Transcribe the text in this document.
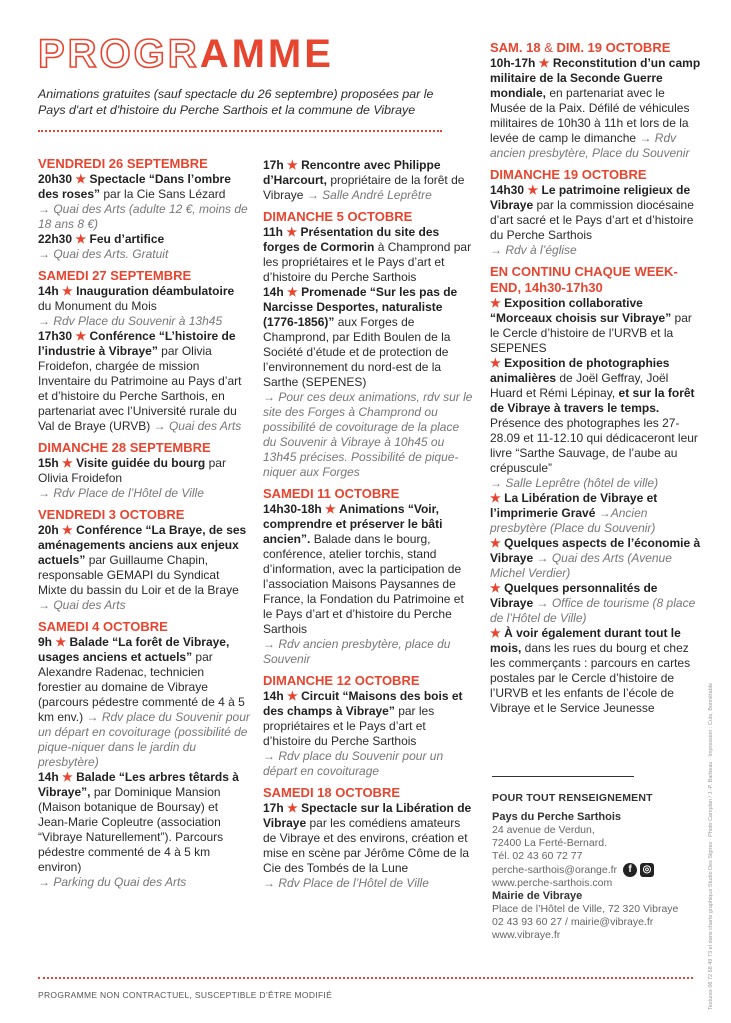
PROGRAMME
Animations gratuites (sauf spectacle du 26 septembre) proposées par le Pays d'art et d'histoire du Perche Sarthois et la commune de Vibraye
VENDREDI 26 SEPTEMBRE
20h30 ★ Spectacle “Dans l’ombre des roses” par la Cie Sans Lézard
→ Quai des Arts (adulte 12 €, moins de 18 ans 8 €)
22h30 ★ Feu d’artifice
→ Quai des Arts. Gratuit
SAMEDI 27 SEPTEMBRE
14h ★ Inauguration déambulatoire du Monument du Mois
→ Rdv Place du Souvenir à 13h45
17h30 ★ Conférence “L’histoire de l’industrie à Vibraye” par Olivia Froidefon, chargée de mission Inventaire du Patrimoine au Pays d’art et d’histoire du Perche Sarthois, en partenariat avec l’Université rurale du Val de Braye (URVB) → Quai des Arts
DIMANCHE 28 SEPTEMBRE
15h ★ Visite guidée du bourg par Olivia Froidefon
→ Rdv Place de l’Hôtel de Ville
VENDREDI 3 OCTOBRE
20h ★ Conférence “La Braye, de ses aménagements anciens aux enjeux actuels” par Guillaume Chapin, responsable GEMAPI du Syndicat Mixte du bassin du Loir et de la Braye → Quai des Arts
SAMEDI 4 OCTOBRE
9h ★ Balade “La forêt de Vibraye, usages anciens et actuels” par Alexandre Radenac, technicien forestier au domaine de Vibraye (parcours pédestre commenté de 4 à 5 km env.) → Rdv place du Souvenir pour un départ en covoiturage (possibilité de pique-niquer dans le jardin du presbytère)
14h ★ Balade “Les arbres têtards à Vibraye”, par Dominique Mansion (Maison botanique de Boursay) et Jean-Marie Copleutre (association “Vibraye Naturellement”). Parcours pédestre commenté de 4 à 5 km environ)
→ Parking du Quai des Arts
17h ★ Rencontre avec Philippe d’Harcourt, propriétaire de la forêt de Vibraye → Salle André Leprêtre
DIMANCHE 5 OCTOBRE
11h ★ Présentation du site des forges de Cormorin à Champrond par les propriétaires et le Pays d’art et d’histoire du Perche Sarthois
14h ★ Promenade “Sur les pas de Narcisse Desportes, naturaliste (1776-1856)” aux Forges de Champrond, par Edith Boulen de la Société d’étude et de protection de l’environnement du nord-est de la Sarthe (SEPENES)
→ Pour ces deux animations, rdv sur le site des Forges à Champrond ou possibilité de covoiturage de la place du Souvenir à Vibraye à 10h45 ou 13h45 précises. Possibilité de pique-niquer aux Forges
SAMEDI 11 OCTOBRE
14h30-18h ★ Animations “Voir, comprendre et préserver le bâti ancien”. Balade dans le bourg, conférence, atelier torchis, stand d’information, avec la participation de l’association Maisons Paysannes de France, la Fondation du Patrimoine et le Pays d’art et d’histoire du Perche Sarthois
→ Rdv ancien presbytère, place du Souvenir
DIMANCHE 12 OCTOBRE
14h ★ Circuit “Maisons des bois et des champs à Vibraye” par les propriétaires et le Pays d’art et d’histoire du Perche Sarthois
→ Rdv place du Souvenir pour un départ en covoiturage
SAMEDI 18 OCTOBRE
17h ★ Spectacle sur la Libération de Vibraye par les comédiens amateurs de Vibraye et des environs, création et mise en scène par Jérôme Côme de la Cie des Tombés de la Lune
→ Rdv Place de l’Hôtel de Ville
SAM. 18 & DIM. 19 OCTOBRE
10h-17h ★ Reconstitution d’un camp militaire de la Seconde Guerre mondiale, en partenariat avec le Musée de la Paix. Défilé de véhicules militaires de 10h30 à 11h et lors de la levée de camp le dimanche → Rdv ancien presbytère, Place du Souvenir
DIMANCHE 19 OCTOBRE
14h30 ★ Le patrimoine religieux de Vibraye par la commission diocésaine d’art sacré et le Pays d’art et d’histoire du Perche Sarthois
→ Rdv à l’église
EN CONTINU CHAQUE WEEK-END, 14h30-17h30
★ Exposition collaborative “Morceaux choisis sur Vibraye” par le Cercle d’histoire de l’URVB et la SEPENES
★ Exposition de photographies animalières de Joël Geffray, Joël Huard et Rémi Lépinay, et sur la forêt de Vibraye à travers le temps. Présence des photographes les 27-28.09 et 11-12.10 qui dédicaceront leur livre “Sarthe Sauvage, de l’aube au crépuscule”
→ Salle Leprêtre (hôtel de ville)
★ La Libération de Vibraye et l’imprimerie Gravé →Ancien presbytère (Place du Souvenir)
★ Quelques aspects de l’économie à Vibraye → Quai des Arts (Avenue Michel Verdier)
★ Quelques personnalités de Vibraye → Office de tourisme (8 place de l’Hôtel de Ville)
★ À voir également durant tout le mois, dans les rues du bourg et chez les commerçants : parcours en cartes postales par le Cercle d’histoire de l’URVB et les enfants de l’école de Vibraye et le Service Jeunesse
POUR TOUT RENSEIGNEMENT
Pays du Perche Sarthois
24 avenue de Verdun,
72400 La Ferté-Bernard.
Tél. 02 43 60 72 77
perche-sarthois@orange.fr f ◎
www.perche-sarthois.com
Mairie de Vibraye
Place de l’Hôtel de Ville, 72 320 Vibraye
02 43 93 60 27 / mairie@vibraye.fr
www.vibraye.fr	Textures 06 72 68 49 73 et dans charte graphique Studio Des Signes · Photo Camplan / J.-P. Barbeau · Impression : Cuts, Bonnétable
PROGRAMME NON CONTRACTUEL, SUSCEPTIBLE D’ÊTRE MODIFIÉ
